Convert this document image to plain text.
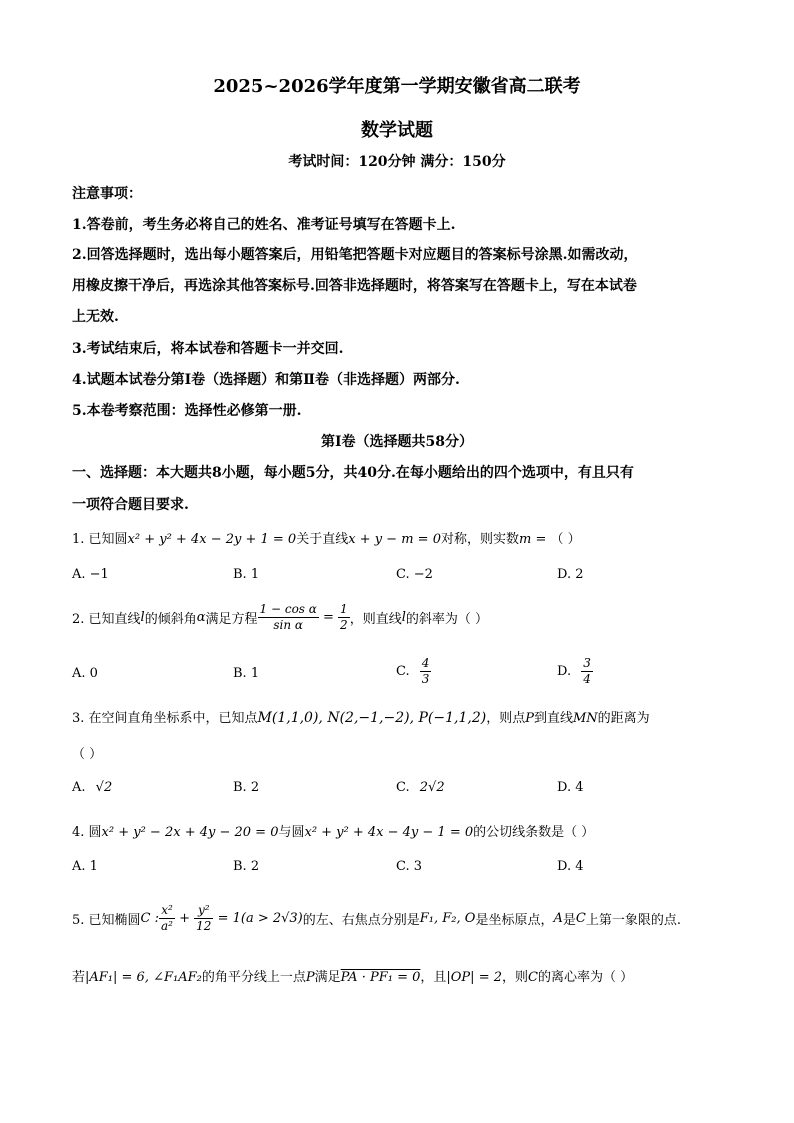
2025~2026学年度第一学期安徽省高二联考
数学试题
考试时间：120分钟 满分：150分
注意事项：
1.答卷前，考生务必将自己的姓名、准考证号填写在答题卡上.
2.回答选择题时，选出每小题答案后，用铅笔把答题卡对应题目的答案标号涂黑.如需改动，
用橡皮擦干净后，再选涂其他答案标号.回答非选择题时，将答案写在答题卡上，写在本试卷
上无效.
3.考试结束后，将本试卷和答题卡一并交回.
4.试题本试卷分第Ⅰ卷（选择题）和第Ⅱ卷（非选择题）两部分.
5.本卷考察范围：选择性必修第一册.
第Ⅰ卷（选择题共58分）
一、选择题：本大题共8小题，每小题5分，共40分.在每小题给出的四个选项中，有且只有
一项符合题目要求.
1. 已知圆x² + y² + 4x − 2y + 1 = 0关于直线x + y − m = 0对称，则实数m = （ ）
A. −1	B. 1	C. −2	D. 2
2. 已知直线l的倾斜角α满足方程 $\frac{\text{1 − cos α}}{\text{sin α}} = \frac{1}{2}$ ，则直线l的斜率为（ ）
A. 0	B. 1	C. $\frac{4}{3}$	D. $\frac{3}{4}$
3. 在空间直角坐标系中，已知点M(1,1,0), N(2,−1,−2), P(−1,1,2)，则点P到直线MN的距离为
（ ）
A. √2	B. 2	C. 2√2	D. 4
4. 圆x² + y² − 2x + 4y − 20 = 0与圆x² + y² + 4x − 4y − 1 = 0的公切线条数是（ ）
A. 1	B. 2	C. 3	D. 4
5. 已知椭圆C : $\frac{\text{x²}}{\text{a²}} + \frac{\text{y²}}{12} = 1(a > 2√3)$的左、右焦点分别是F₁, F₂, O是坐标原点，A是C上第一象限的点.
若|AF₁| = 6, ∠F₁AF₂的角平分线上一点P满足PA · PF₁ = 0，且|OP| = 2，则C的离心率为（ ）
